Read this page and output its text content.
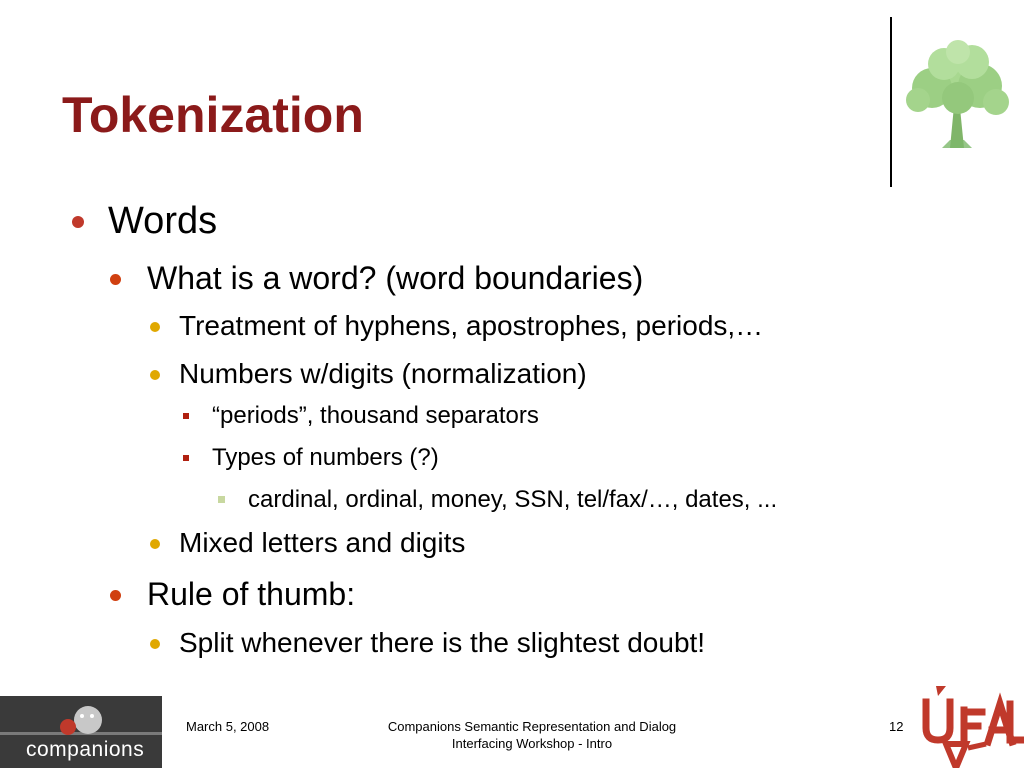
Tokenization
Words
What is a word? (word boundaries)
Treatment of hyphens, apostrophes, periods,…
Numbers w/digits (normalization)
“periods”, thousand separators
Types of numbers (?)
cardinal, ordinal, money, SSN, tel/fax/…, dates, ...
Mixed letters and digits
Rule of thumb:
Split whenever there is the slightest doubt!
companions
March 5, 2008	Companions Semantic Representation and Dialog
Interfacing Workshop - Intro
12
